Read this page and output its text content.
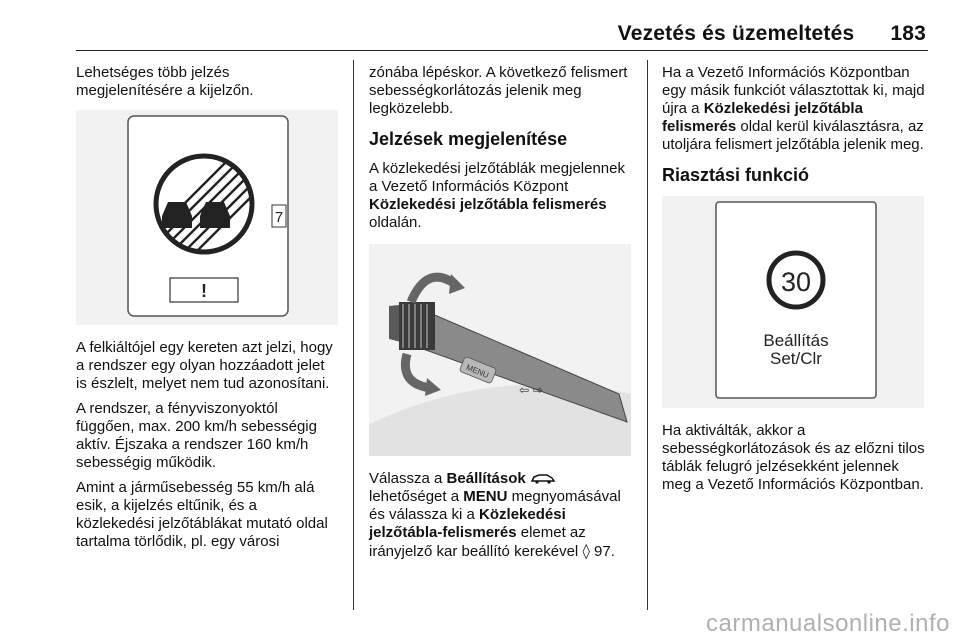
Vezetés és üzemeltetés 183

Lehetséges több jelzés megjelenítésére a kijelzőn.

7
!

A felkiáltójel egy kereten azt jelzi, hogy a rendszer egy olyan hozzáadott jelet is észlelt, melyet nem tud azonosítani.

A rendszer, a fényviszonyoktól függően, max. 200 km/h sebességig aktív. Éjszaka a rendszer 160 km/h sebességig működik.

Amint a járműsebesség 55 km/h alá esik, a kijelzés eltűnik, és a közlekedési jelzőtáblákat mutató oldal tartalma törlődik, pl. egy városi

zónába lépéskor. A következő felismert sebességkorlátozás jelenik meg legközelebb.

Jelzések megjelenítése

A közlekedési jelzőtáblák megjelennek a Vezető Információs Központ Közlekedési jelzőtábla felismerés oldalán.

MENU
⇦ ⇨

Válassza a Beállítások  lehetőséget a MENU megnyomásával és válassza ki a Közlekedési jelzőtábla-felismerés elemet az irányjelző kar beállító kerekével ◊ 97.

Ha a Vezető Információs Központban egy másik funkciót választottak ki, majd újra a Közlekedési jelzőtábla felismerés oldal kerül kiválasztásra, az utoljára felismert jelzőtábla jelenik meg.

Riasztási funkció
30
Beállítás
Set/Clr

Ha aktiválták, akkor a sebességkorlátozások és az előzni tilos táblák felugró jelzésekként jelennek meg a Vezető Információs Központban.

carmanualsonline.info
